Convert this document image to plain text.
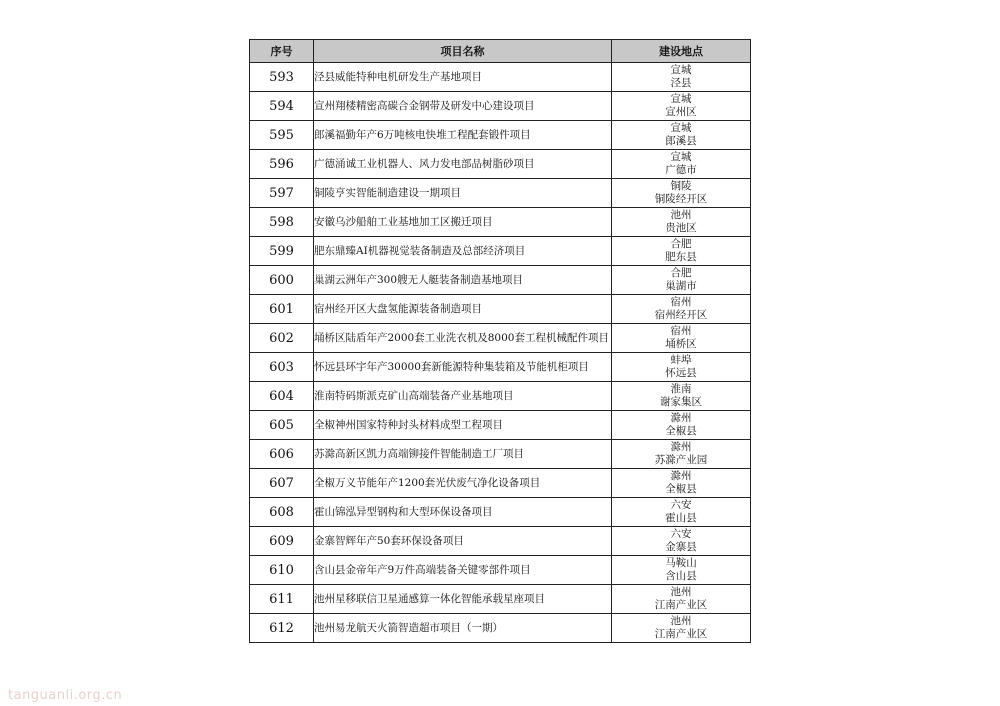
序号	项目名称	建设地点
593	泾县威能特种电机研发生产基地项目	宣城
泾县

594	宣州翔楼精密高碳合金钢带及研发中心建设项目	宣城
宣州区

595	郎溪福勤年产6万吨核电快堆工程配套锻件项目	宣城
郎溪县

596	广德涌诚工业机器人、风力发电部品树脂砂项目	宣城
广德市

597	铜陵亨实智能制造建设一期项目	铜陵
铜陵经开区

598	安徽乌沙船舶工业基地加工区搬迁项目	池州
贵池区

599	肥东鼎臻AI机器视觉装备制造及总部经济项目	合肥
肥东县

600	巢湖云洲年产300艘无人艇装备制造基地项目	合肥
巢湖市

601	宿州经开区大盘氢能源装备制造项目	宿州
宿州经开区

602	埇桥区陆盾年产2000套工业洗衣机及8000套工程机械配件项目	宿州
埇桥区

603	怀远县环宇年产30000套新能源特种集装箱及节能机柜项目	蚌埠
怀远县

604	淮南特码斯派克矿山高端装备产业基地项目	淮南
谢家集区

605	全椒神州国家特种封头材料成型工程项目	滁州
全椒县

606	苏滁高新区凯力高端铆接件智能制造工厂项目	滁州
苏滁产业园

607	全椒万义节能年产1200套光伏废气净化设备项目	滁州
全椒县

608	霍山锦泓异型钢构和大型环保设备项目	六安
霍山县

609	金寨智辉年产50套环保设备项目	六安
金寨县

610	含山县金帝年产9万件高端装备关键零部件项目	马鞍山
含山县

611	池州星移联信卫星通感算一体化智能承载星座项目	池州
江南产业区

612	池州易龙航天火箭智造超市项目（一期）	池州
江南产业区
tanguanli.org.cn
